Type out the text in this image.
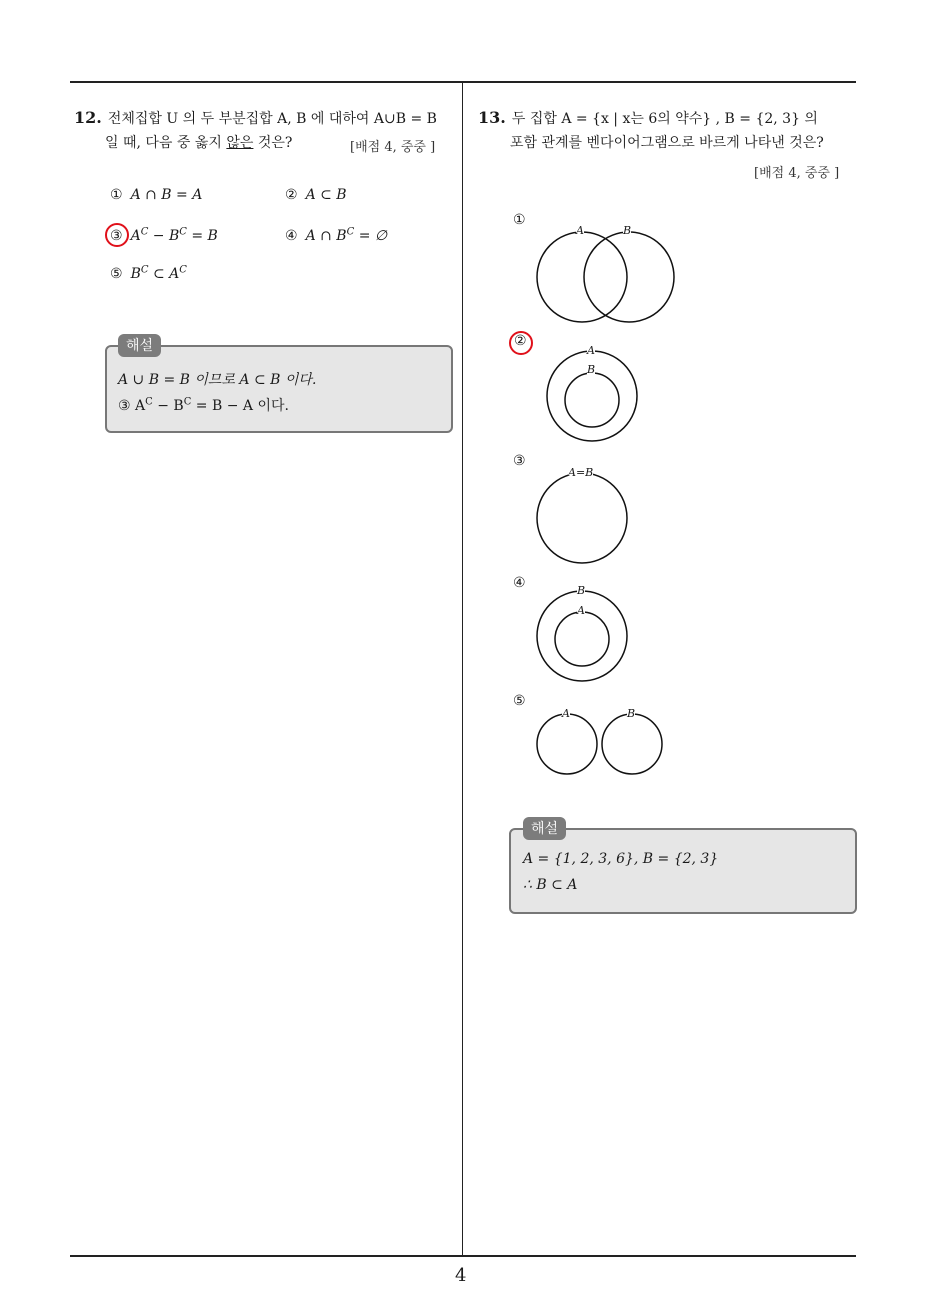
4
12. 전체집합 U 의 두 부분집합 A, B 에 대하여 A∪B = B
일 때, 다음 중 옳지 않은 것은?	[배점 4, 중중 ]
① A ∩ B = A	② A ⊂ B
③ $A^C - B^C = B$	④ A ∩ $B^C$ = ∅
⑤ $B^C$ ⊂ $A^C$
해설
A ∪ B = B 이므로 A ⊂ B 이다.
③ $A^C - B^C = B - A$ 이다.
13. 두 집합 A = {x | x는 6의 약수} , B = {2, 3} 의
포함 관계를 벤다이어그램으로 바르게 나타낸 것은?
[배점 4, 중중 ]
①
A	B
②
A
B
③
A=B
④	B
A
⑤
A	B
해설
A = {1, 2, 3, 6}, B = {2, 3}
∴ B ⊂ A
